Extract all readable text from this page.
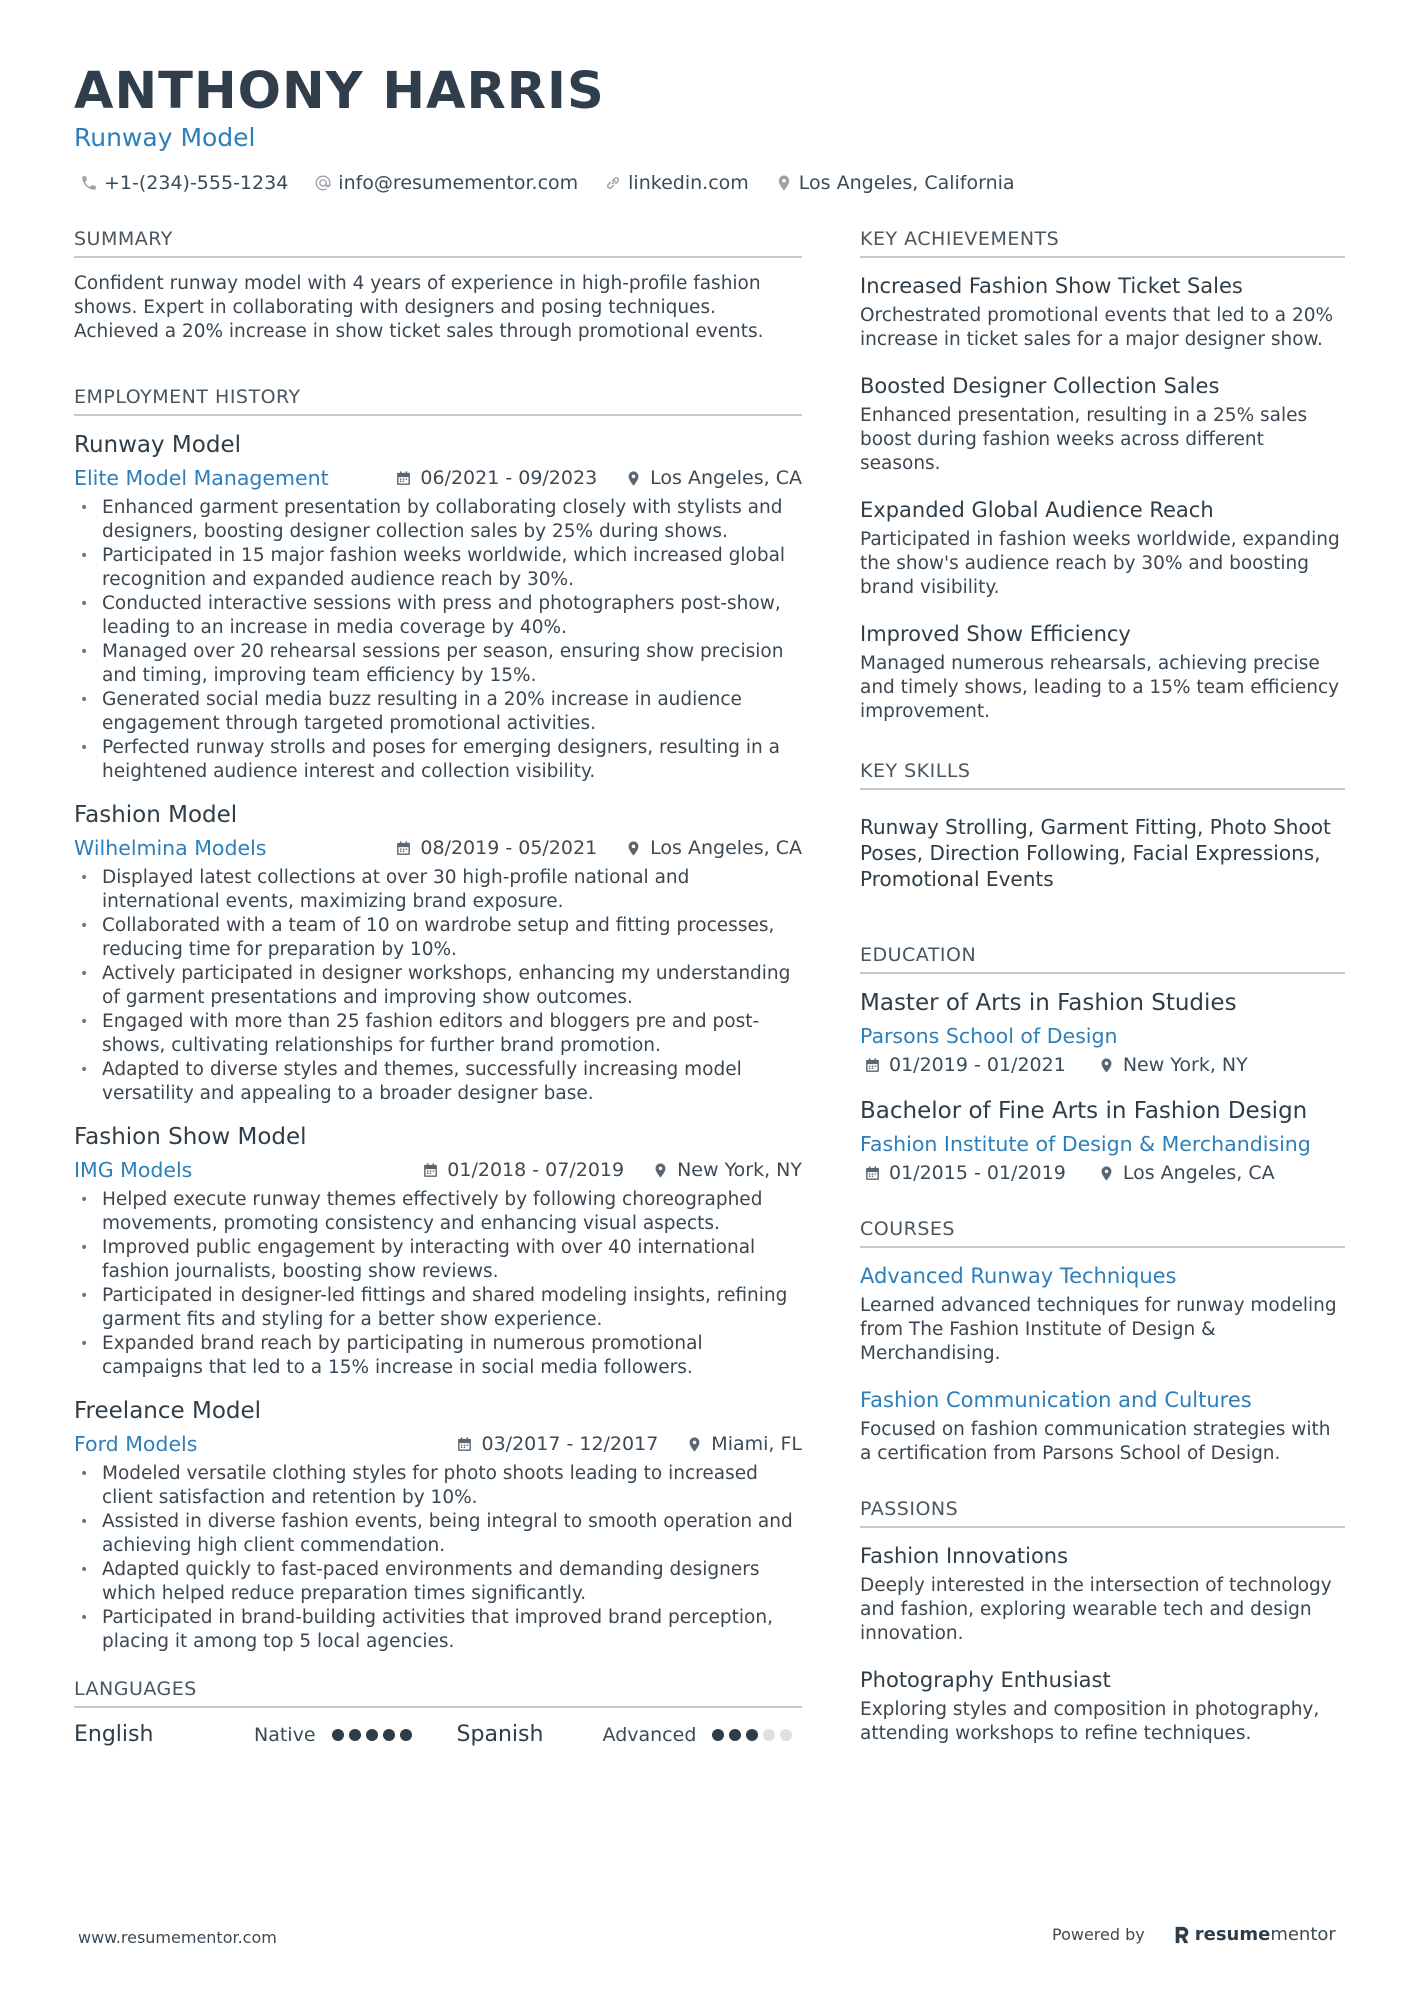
ANTHONY HARRIS
Runway Model
+1-(234)-555-1234	info@resumementor.com	linkedin.com	Los Angeles, California
SUMMARY
Confident runway model with 4 years of experience in high-profile fashion shows. Expert in collaborating with designers and posing techniques. Achieved a 20% increase in show ticket sales through promotional events.
EMPLOYMENT HISTORY
Runway Model
Elite Model Management	06/2021 - 09/2023	Los Angeles, CA
• Enhanced garment presentation by collaborating closely with stylists and designers, boosting designer collection sales by 25% during shows.
• Participated in 15 major fashion weeks worldwide, which increased global recognition and expanded audience reach by 30%.
• Conducted interactive sessions with press and photographers post-show, leading to an increase in media coverage by 40%.
• Managed over 20 rehearsal sessions per season, ensuring show precision and timing, improving team efficiency by 15%.
• Generated social media buzz resulting in a 20% increase in audience engagement through targeted promotional activities.
• Perfected runway strolls and poses for emerging designers, resulting in a heightened audience interest and collection visibility.
Fashion Model
Wilhelmina Models	08/2019 - 05/2021	Los Angeles, CA
• Displayed latest collections at over 30 high-profile national and international events, maximizing brand exposure.
• Collaborated with a team of 10 on wardrobe setup and fitting processes, reducing time for preparation by 10%.
• Actively participated in designer workshops, enhancing my understanding of garment presentations and improving show outcomes.
• Engaged with more than 25 fashion editors and bloggers pre and post-shows, cultivating relationships for further brand promotion.
• Adapted to diverse styles and themes, successfully increasing model versatility and appealing to a broader designer base.
Fashion Show Model
IMG Models	01/2018 - 07/2019	New York, NY
• Helped execute runway themes effectively by following choreographed movements, promoting consistency and enhancing visual aspects.
• Improved public engagement by interacting with over 40 international fashion journalists, boosting show reviews.
• Participated in designer-led fittings and shared modeling insights, refining garment fits and styling for a better show experience.
• Expanded brand reach by participating in numerous promotional campaigns that led to a 15% increase in social media followers.
Freelance Model
Ford Models	03/2017 - 12/2017	Miami, FL
• Modeled versatile clothing styles for photo shoots leading to increased client satisfaction and retention by 10%.
• Assisted in diverse fashion events, being integral to smooth operation and achieving high client commendation.
• Adapted quickly to fast-paced environments and demanding designers which helped reduce preparation times significantly.
• Participated in brand-building activities that improved brand perception, placing it among top 5 local agencies.
LANGUAGES
English	Native	Spanish	Advanced
KEY ACHIEVEMENTS
Increased Fashion Show Ticket Sales
Orchestrated promotional events that led to a 20% increase in ticket sales for a major designer show.
Boosted Designer Collection Sales
Enhanced presentation, resulting in a 25% sales boost during fashion weeks across different seasons.
Expanded Global Audience Reach
Participated in fashion weeks worldwide, expanding the show's audience reach by 30% and boosting brand visibility.
Improved Show Efficiency
Managed numerous rehearsals, achieving precise and timely shows, leading to a 15% team efficiency improvement.
KEY SKILLS
Runway Strolling, Garment Fitting, Photo Shoot Poses, Direction Following, Facial Expressions, Promotional Events
EDUCATION
Master of Arts in Fashion Studies
Parsons School of Design
01/2019 - 01/2021	New York, NY
Bachelor of Fine Arts in Fashion Design
Fashion Institute of Design & Merchandising
01/2015 - 01/2019	Los Angeles, CA
COURSES
Advanced Runway Techniques
Learned advanced techniques for runway modeling from The Fashion Institute of Design & Merchandising.
Fashion Communication and Cultures
Focused on fashion communication strategies with a certification from Parsons School of Design.
PASSIONS
Fashion Innovations
Deeply interested in the intersection of technology and fashion, exploring wearable tech and design innovation.
Photography Enthusiast
Exploring styles and composition in photography, attending workshops to refine techniques.
www.resumementor.com	Powered by	resume mentor
